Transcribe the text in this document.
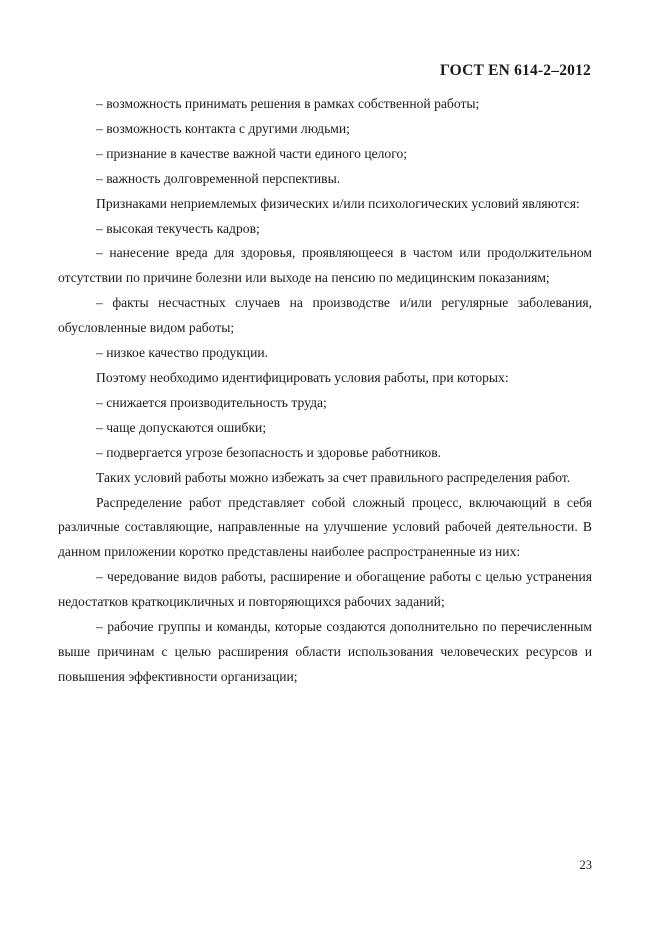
ГОСТ EN 614-2–2012

– возможность принимать решения в рамках собственной работы;

– возможность контакта с другими людьми;

– признание в качестве важной части единого целого;

– важность долговременной перспективы.

Признаками неприемлемых физических и/или психологических условий являются:

– высокая текучесть кадров;

– нанесение вреда для здоровья, проявляющееся в частом или продолжительном отсутствии по причине болезни или выходе на пенсию по медицинским показаниям;

– факты несчастных случаев на производстве и/или регулярные заболевания, обусловленные видом работы;

– низкое качество продукции.

Поэтому необходимо идентифицировать условия работы, при которых:

– снижается производительность труда;

– чаще допускаются ошибки;

– подвергается угрозе безопасность и здоровье работников.

Таких условий работы можно избежать за счет правильного распределения работ.

Распределение работ представляет собой сложный процесс, включающий в себя различные составляющие, направленные на улучшение условий рабочей деятельности. В данном приложении коротко представлены наиболее распространенные из них:

– чередование видов работы, расширение и обогащение работы с целью устранения недостатков краткоцикличных и повторяющихся рабочих заданий;

– рабочие группы и команды, которые создаются дополнительно по перечисленным выше причинам с целью расширения области использования человеческих ресурсов и повышения эффективности организации;

23
